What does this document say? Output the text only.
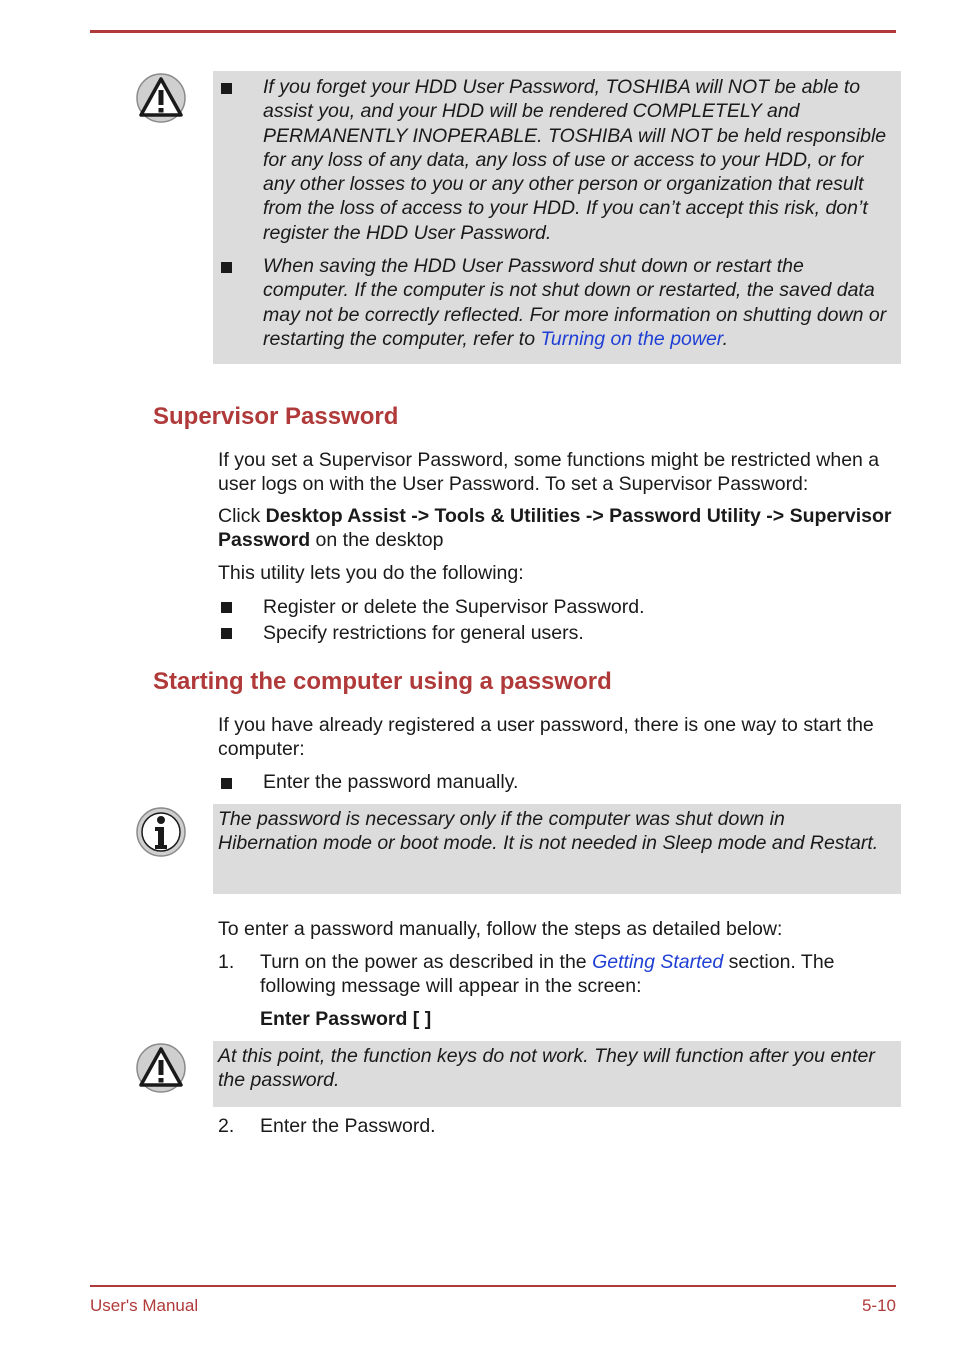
If you forget your HDD User Password, TOSHIBA will NOT be able to assist you, and your HDD will be rendered COMPLETELY and PERMANENTLY INOPERABLE. TOSHIBA will NOT be held responsible for any loss of any data, any loss of use or access to your HDD, or for any other losses to you or any other person or organization that result from the loss of access to your HDD. If you can’t accept this risk, don’t register the HDD User Password.
When saving the HDD User Password shut down or restart the computer. If the computer is not shut down or restarted, the saved data may not be correctly reflected. For more information on shutting down or restarting the computer, refer to Turning on the power.
Supervisor Password
If you set a Supervisor Password, some functions might be restricted when a user logs on with the User Password. To set a Supervisor Password:
Click Desktop Assist -> Tools & Utilities -> Password Utility -> Supervisor Password on the desktop
This utility lets you do the following:
Register or delete the Supervisor Password.
Specify restrictions for general users.
Starting the computer using a password
If you have already registered a user password, there is one way to start the computer:
Enter the password manually.
The password is necessary only if the computer was shut down in Hibernation mode or boot mode. It is not needed in Sleep mode and Restart.
To enter a password manually, follow the steps as detailed below:
1. Turn on the power as described in the Getting Started section. The following message will appear in the screen:
Enter Password [ ]
At this point, the function keys do not work. They will function after you enter the password.
2. Enter the Password.
User's Manual	5-10
